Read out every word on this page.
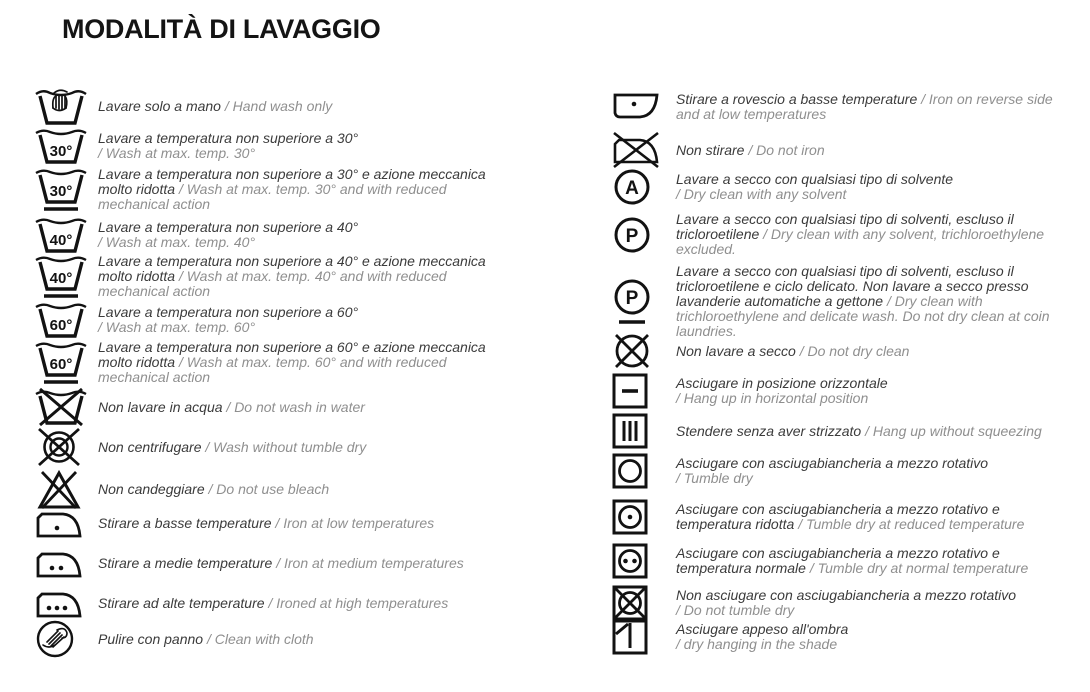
MODALITÀ DI LAVAGGIO
Lavare solo a mano / Hand wash only
30°
Lavare a temperatura non superiore a 30°
/ Wash at max. temp. 30°
30°
Lavare a temperatura non superiore a 30° e azione meccanica molto ridotta / Wash at max. temp. 30° and with reduced mechanical action
40°
Lavare a temperatura non superiore a 40°
/ Wash at max. temp. 40°
40°
Lavare a temperatura non superiore a 40° e azione meccanica molto ridotta / Wash at max. temp. 40° and with reduced mechanical action
60°
Lavare a temperatura non superiore a 60°
/ Wash at max. temp. 60°
60°
Lavare a temperatura non superiore a 60° e azione meccanica molto ridotta / Wash at max. temp. 60° and with reduced mechanical action
Non lavare in acqua / Do not wash in water
Non centrifugare / Wash without tumble dry
Non candeggiare / Do not use bleach
Stirare a basse temperature / Iron at low temperatures
Stirare a medie temperature / Iron at medium temperatures
Stirare ad alte temperature / Ironed at high temperatures
Pulire con panno / Clean with cloth
Stirare a rovescio a basse temperature / Iron on reverse side and at low temperatures
Non stirare / Do not iron
A	Lavare a secco con qualsiasi tipo di solvente
/ Dry clean with any solvent
P
Lavare a secco con qualsiasi tipo di solventi, escluso il tricloroetilene / Dry clean with any solvent, trichloroethylene excluded.
P
Lavare a secco con qualsiasi tipo di solventi, escluso il tricloroetilene e ciclo delicato. Non lavare a secco presso lavanderie automatiche a gettone / Dry clean with trichloroethylene and delicate wash. Do not dry clean at coin laundries.
Non lavare a secco / Do not dry clean
Asciugare in posizione orizzontale
/ Hang up in horizontal position
Stendere senza aver strizzato / Hang up without squeezing
Asciugare con asciugabiancheria a mezzo rotativo
/ Tumble dry
Asciugare con asciugabiancheria a mezzo rotativo e temperatura ridotta / Tumble dry at reduced temperature
Asciugare con asciugabiancheria a mezzo rotativo e temperatura normale / Tumble dry at normal temperature
Non asciugare con asciugabiancheria a mezzo rotativo
/ Do not tumble dry
Asciugare appeso all'ombra
/ dry hanging in the shade
